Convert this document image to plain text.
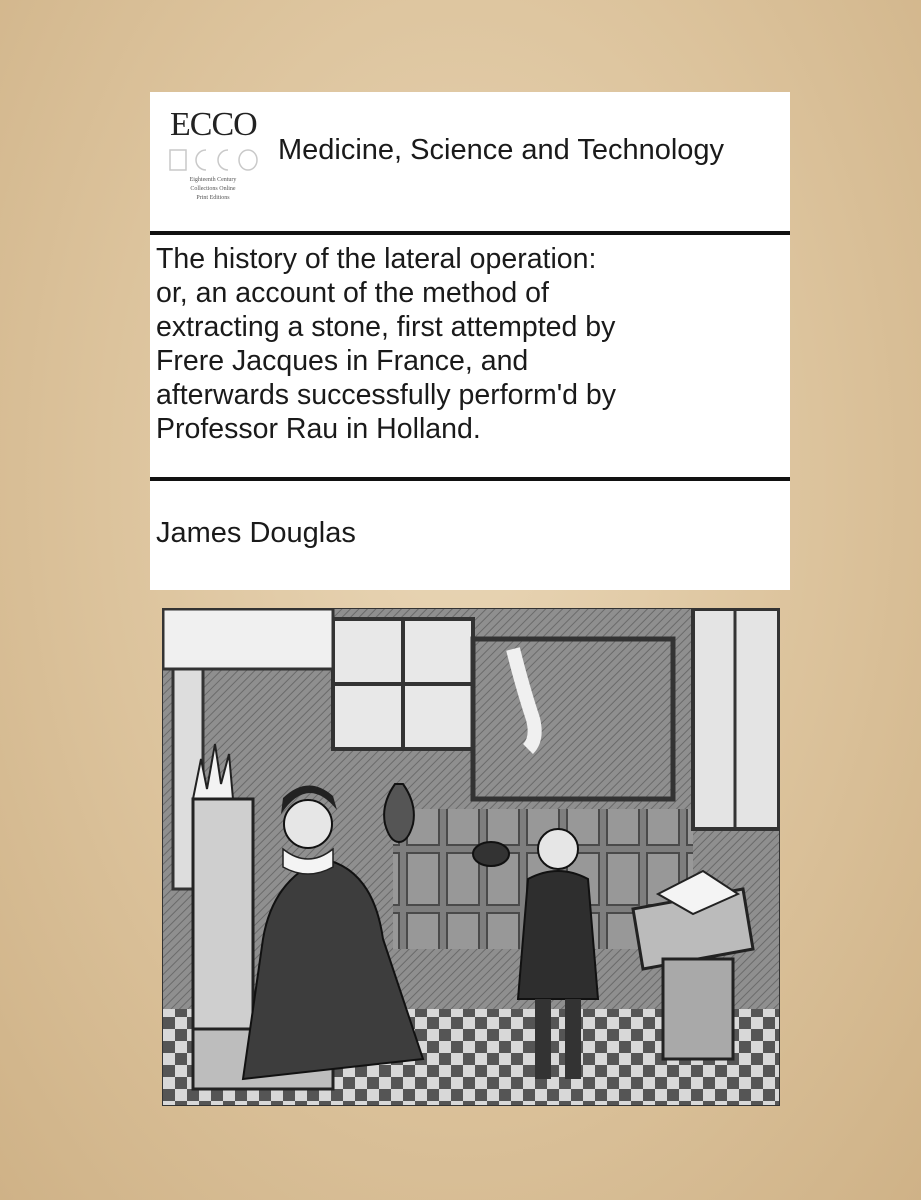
ECCO
Eighteenth Century
Collections Online
Print Editions
Medicine, Science and Technology
The history of the lateral operation:
or, an account of the method of
extracting a stone, first attempted by
Frere Jacques in France, and
afterwards successfully perform'd by
Professor Rau in Holland.
James Douglas
